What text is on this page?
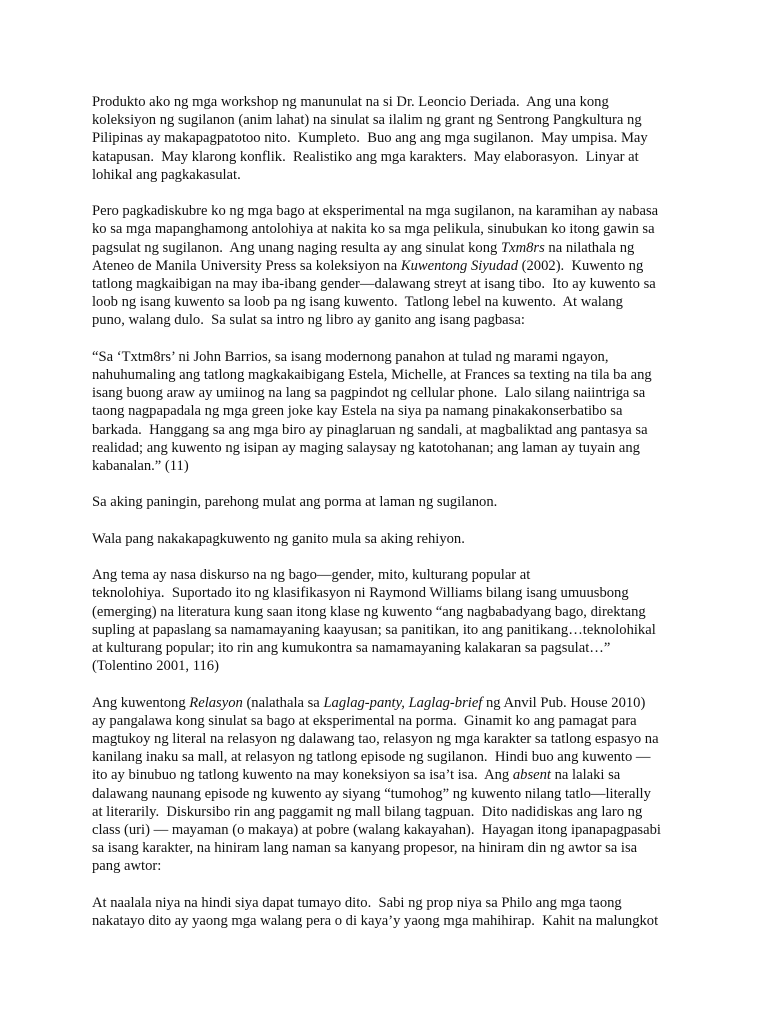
Produkto ako ng mga workshop ng manunulat na si Dr. Leoncio Deriada.  Ang una kong
koleksiyon ng sugilanon (anim lahat) na sinulat sa ilalim ng grant ng Sentrong Pangkultura ng
Pilipinas ay makapagpatotoo nito.  Kumpleto.  Buo ang ang mga sugilanon.  May umpisa. May
katapusan.  May klarong konflik.  Realistiko ang mga karakters.  May elaborasyon.  Linyar at
lohikal ang pagkakasulat.

Pero pagkadiskubre ko ng mga bago at eksperimental na mga sugilanon, na karamihan ay nabasa
ko sa mga mapanghamong antolohiya at nakita ko sa mga pelikula, sinubukan ko itong gawin sa
pagsulat ng sugilanon.  Ang unang naging resulta ay ang sinulat kong Txm8rs na nilathala ng
Ateneo de Manila University Press sa koleksiyon na Kuwentong Siyudad (2002).  Kuwento ng
tatlong magkaibigan na may iba-ibang gender—dalawang streyt at isang tibo.  Ito ay kuwento sa
loob ng isang kuwento sa loob pa ng isang kuwento.  Tatlong lebel na kuwento.  At walang
puno, walang dulo.  Sa sulat sa intro ng libro ay ganito ang isang pagbasa:

“Sa ‘Txtm8rs’ ni John Barrios, sa isang modernong panahon at tulad ng marami ngayon,
nahuhumaling ang tatlong magkakaibigang Estela, Michelle, at Frances sa texting na tila ba ang
isang buong araw ay umiinog na lang sa pagpindot ng cellular phone.  Lalo silang naiintriga sa
taong nagpapadala ng mga green joke kay Estela na siya pa namang pinakakonserbatibo sa
barkada.  Hanggang sa ang mga biro ay pinaglaruan ng sandali, at magbaliktad ang pantasya sa
realidad; ang kuwento ng isipan ay maging salaysay ng katotohanan; ang laman ay tuyain ang
kabanalan.” (11)

Sa aking paningin, parehong mulat ang porma at laman ng sugilanon.

Wala pang nakakapagkuwento ng ganito mula sa aking rehiyon.

Ang tema ay nasa diskurso na ng bago—gender, mito, kulturang popular at
teknolohiya.  Suportado ito ng klasifikasyon ni Raymond Williams bilang isang umuusbong
(emerging) na literatura kung saan itong klase ng kuwento “ang nagbabadyang bago, direktang
supling at papaslang sa namamayaning kaayusan; sa panitikan, ito ang panitikang…teknolohikal
at kulturang popular; ito rin ang kumukontra sa namamayaning kalakaran sa pagsulat…”
(Tolentino 2001, 116)

Ang kuwentong Relasyon (nalathala sa Laglag-panty, Laglag-brief ng Anvil Pub. House 2010)
ay pangalawa kong sinulat sa bago at eksperimental na porma.  Ginamit ko ang pamagat para
magtukoy ng literal na relasyon ng dalawang tao, relasyon ng mga karakter sa tatlong espasyo na
kanilang inaku sa mall, at relasyon ng tatlong episode ng sugilanon.  Hindi buo ang kuwento —
ito ay binubuo ng tatlong kuwento na may koneksiyon sa isa’t isa.  Ang absent na lalaki sa
dalawang naunang episode ng kuwento ay siyang “tumohog” ng kuwento nilang tatlo—literally
at literarily.  Diskursibo rin ang paggamit ng mall bilang tagpuan.  Dito nadidiskas ang laro ng
class (uri) — mayaman (o makaya) at pobre (walang kakayahan).  Hayagan itong ipanapagpasabi
sa isang karakter, na hiniram lang naman sa kanyang propesor, na hiniram din ng awtor sa isa
pang awtor:

At naalala niya na hindi siya dapat tumayo dito.  Sabi ng prop niya sa Philo ang mga taong
nakatayo dito ay yaong mga walang pera o di kaya’y yaong mga mahihirap.  Kahit na malungkot
